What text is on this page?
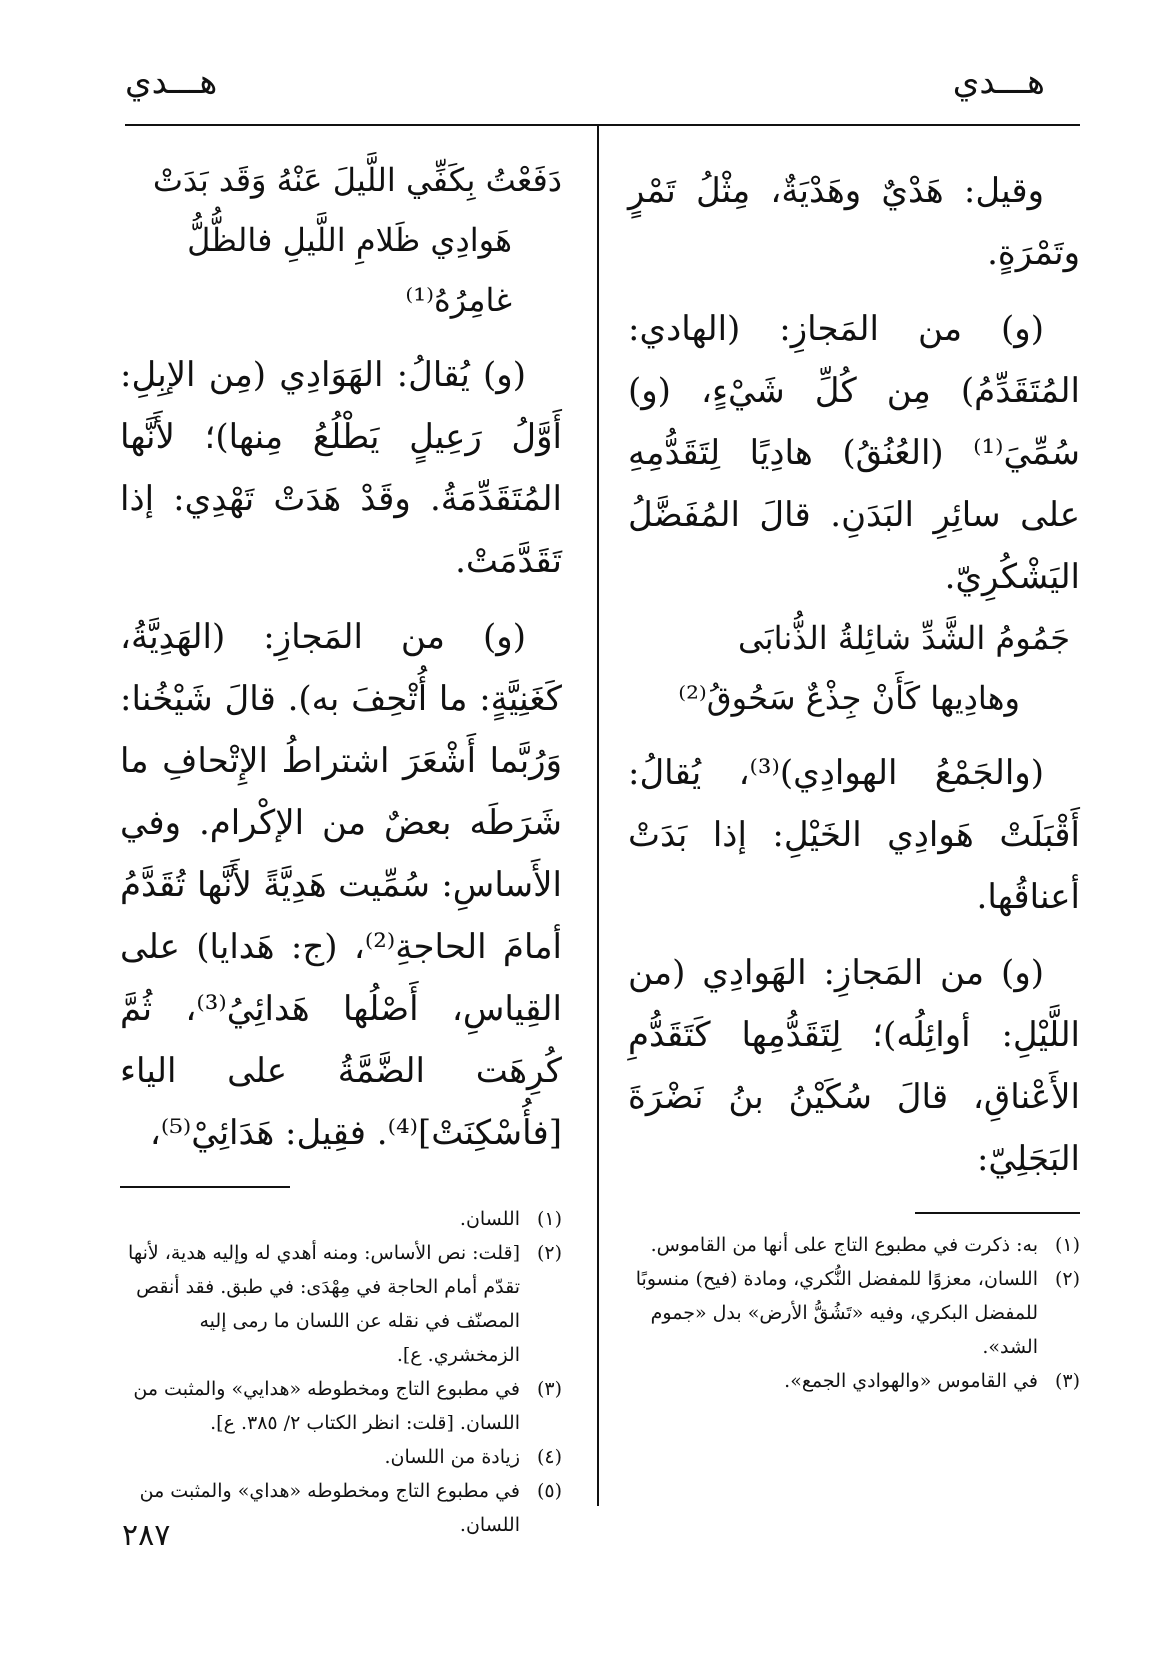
هـــدي
هـــدي

وقيل: هَدْيٌ وهَدْيَةٌ، مِثْلُ تَمْرٍ وتَمْرَةٍ.

(و) من المَجازِ: (الهادي: المُتَقَدِّمُ) مِن كُلِّ شَيْءٍ، (و) سُمِّيَ⁽¹⁾ (العُنُقُ) هادِيًا لِتَقَدُّمِهِ على سائِرِ البَدَنِ. قالَ المُفَضَّلُ اليَشْكُرِيّ.

جَمُومُ الشَّدِّ شائِلةُ الذُّنابَى

وهادِيها كَأَنْ جِذْعٌ سَحُوقُ⁽²⁾

(والجَمْعُ الهوادِي)⁽³⁾، يُقالُ: أَقْبَلَتْ هَوادِي الخَيْلِ: إذا بَدَتْ أعناقُها.

(و) من المَجازِ: الهَوادِي (من اللَّيْلِ: أوائِلُه)؛ لِتَقَدُّمِها كَتَقَدُّمِ الأَعْناقِ، قالَ سُكَيْنُ بنُ نَضْرَةَ البَجَلِيّ:

(١)به: ذكرت في مطبوع التاج على أنها من القاموس.

(٢)اللسان، معزوًا للمفضل النُّكري، ومادة (فيح) منسوبًا للمفضل البكري، وفيه «تَشُقُّ الأرض» بدل «جموم الشد».

(٣)في القاموس «والهوادي الجمع».

دَفَعْتُ بِكَفِّي اللَّيلَ عَنْهُ وَقَد بَدَتْ

هَوادِي ظَلامِ اللَّيلِ فالظُّلُّ غامِرُهُ⁽¹⁾

(و) يُقالُ: الهَوَادِي (مِن الإبِلِ: أَوَّلُ رَعِيلٍ يَطْلُعُ مِنها)؛ لأَنَّها المُتَقَدِّمَةُ. وقَدْ هَدَتْ تَهْدِي: إذا تَقَدَّمَتْ.

(و) من المَجازِ: (الهَدِيَّةُ، كَغَنِيَّةٍ: ما أُتْحِفَ به). قالَ شَيْخُنا: وَرُبَّما أَشْعَرَ اشتراطُ الإِتْحافِ ما شَرَطَه بعضٌ من الإكْرام. وفي الأَساسِ: سُمِّيت هَدِيَّةً لأَنَّها تُقَدَّمُ أمامَ الحاجةِ⁽²⁾، (ج: هَدايا) على القِياسِ، أَصْلُها هَدائِيُ⁽³⁾، ثُمَّ كُرِهَت الضَّمَّةُ على الياء [فأُسْكِنَتْ]⁽⁴⁾. فقِيل: هَدَائِيْ⁽⁵⁾،

(١)اللسان.

(٢)[قلت: نص الأساس: ومنه أهدي له وإليه هدية، لأنها تقدّم أمام الحاجة في مِهْدَى: في طبق. فقد أنقص المصنّف في نقله عن اللسان ما رمى إليه الزمخشري. ع].

(٣)في مطبوع التاج ومخطوطه «هدايي» والمثبت من اللسان. [قلت: انظر الكتاب ٢/ ٣٨٥. ع].

(٤)زيادة من اللسان.

(٥)في مطبوع التاج ومخطوطه «هداي» والمثبت من اللسان.

٢٨٧
